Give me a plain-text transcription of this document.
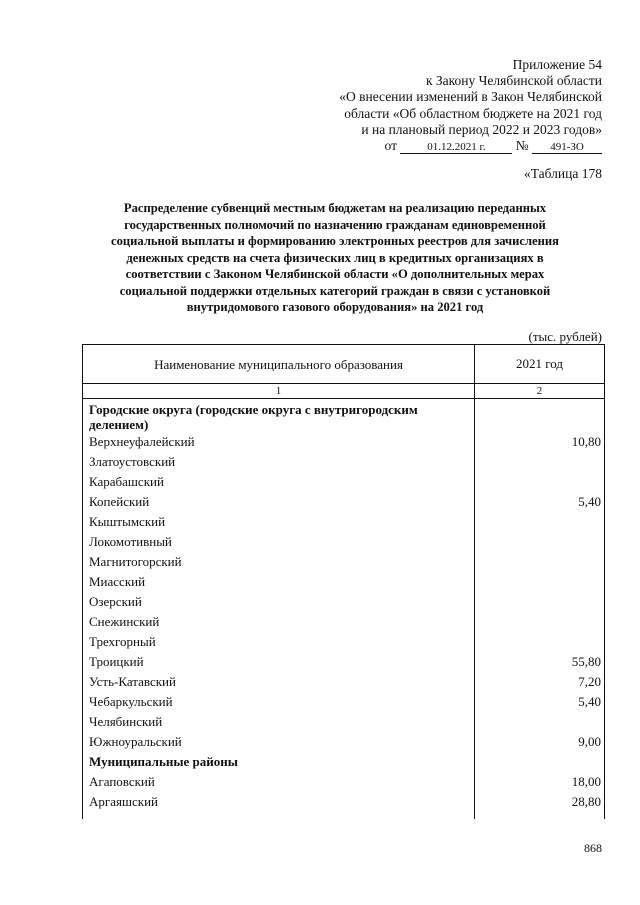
Приложение 54
к Закону Челябинской области
«О внесении изменений в Закон Челябинской
области «Об областном бюджете на 2021 год
и на плановый период 2022 и 2023 годов»
от	01.12.2021 г. № 491-ЗО
«Таблица 178
Распределение субвенций местным бюджетам на реализацию переданных государственных полномочий по назначению гражданам единовременной социальной выплаты и формированию электронных реестров для зачисления денежных средств на счета физических лиц в кредитных организациях в соответствии с Законом Челябинской области «О дополнительных мерах социальной поддержки отдельных категорий граждан в связи с установкой внутридомового газового оборудования» на 2021 год
(тыс. рублей)
Наименование муниципального образования	2021 год
1	2
Городские округа (городские округа с внутригородским делением)
Верхнеуфалейский	10,80
Златоустовский
Карабашский
Копейский	5,40
Кыштымский
Локомотивный
Магнитогорский
Миасский
Озерский
Снежинский
Трехгорный
Троицкий	55,80
Усть-Катавский	7,20
Чебаркульский	5,40
Челябинский
Южноуральский	9,00
Муниципальные районы
Агаповский	18,00
Аргаяшский	28,80
868
